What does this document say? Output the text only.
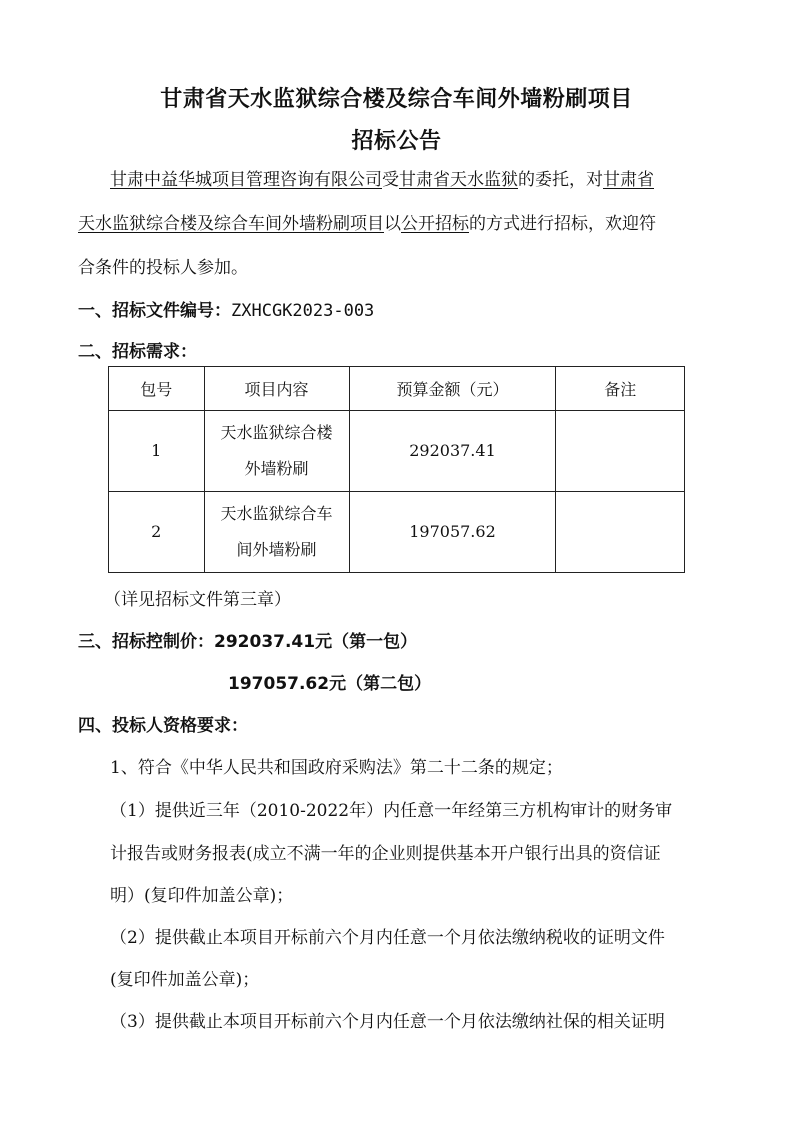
甘肃省天水监狱综合楼及综合车间外墙粉刷项目
招标公告
甘肃中益华城项目管理咨询有限公司受甘肃省天水监狱的委托，对甘肃省
天水监狱综合楼及综合车间外墙粉刷项目以公开招标的方式进行招标，欢迎符
合条件的投标人参加。
一、招标文件编号：ZXHCGK2023-003
二、招标需求：
包号	项目内容	预算金额（元）	备注
1	天水监狱综合楼
外墙粉刷	292037.41	
2	天水监狱综合车
间外墙粉刷	197057.62	
（详见招标文件第三章）
三、招标控制价：292037.41元（第一包）
197057.62元（第二包）
四、投标人资格要求：
1、符合《中华人民共和国政府采购法》第二十二条的规定；
（1）提供近三年（2010-2022年）内任意一年经第三方机构审计的财务审
计报告或财务报表(成立不满一年的企业则提供基本开户银行出具的资信证
明）(复印件加盖公章)；
（2）提供截止本项目开标前六个月内任意一个月依法缴纳税收的证明文件
(复印件加盖公章)；
（3）提供截止本项目开标前六个月内任意一个月依法缴纳社保的相关证明
